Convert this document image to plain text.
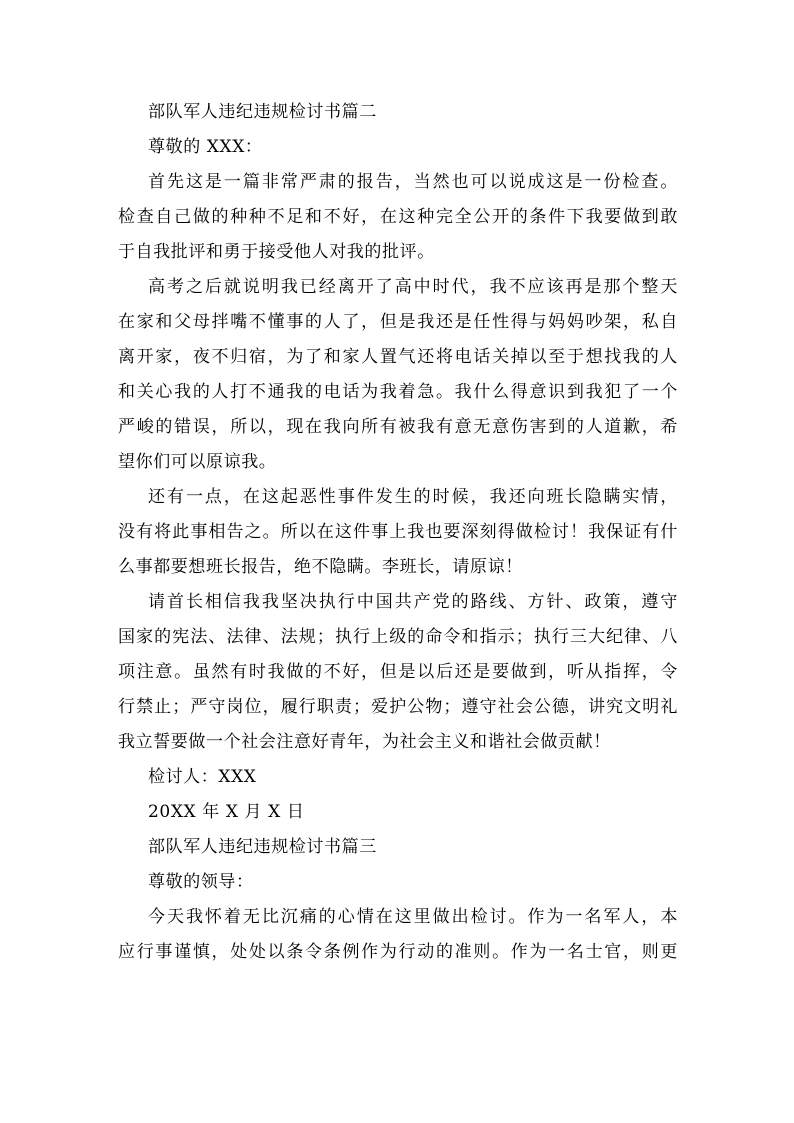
部队军人违纪违规检讨书篇二
尊敬的 XXX：
首先这是一篇非常严肃的报告，当然也可以说成这是一份检查。
检查自己做的种种不足和不好，在这种完全公开的条件下我要做到敢
于自我批评和勇于接受他人对我的批评。
高考之后就说明我已经离开了高中时代，我不应该再是那个整天
在家和父母拌嘴不懂事的人了，但是我还是任性得与妈妈吵架，私自
离开家，夜不归宿，为了和家人置气还将电话关掉以至于想找我的人
和关心我的人打不通我的电话为我着急。我什么得意识到我犯了一个
严峻的错误，所以，现在我向所有被我有意无意伤害到的人道歉，希
望你们可以原谅我。
还有一点，在这起恶性事件发生的时候，我还向班长隐瞒实情，
没有将此事相告之。所以在这件事上我也要深刻得做检讨！我保证有什
么事都要想班长报告，绝不隐瞒。李班长，请原谅！
请首长相信我我坚决执行中国共产党的路线、方针、政策，遵守
国家的宪法、法律、法规；执行上级的命令和指示；执行三大纪律、八
项注意。虽然有时我做的不好，但是以后还是要做到，听从指挥，令
行禁止；严守岗位，履行职责；爱护公物；遵守社会公德，讲究文明礼
我立誓要做一个社会注意好青年，为社会主义和谐社会做贡献！
检讨人：XXX
20XX 年 X 月 X 日
部队军人违纪违规检讨书篇三
尊敬的领导：
今天我怀着无比沉痛的心情在这里做出检讨。作为一名军人，本
应行事谨慎，处处以条令条例作为行动的准则。作为一名士官，则更
